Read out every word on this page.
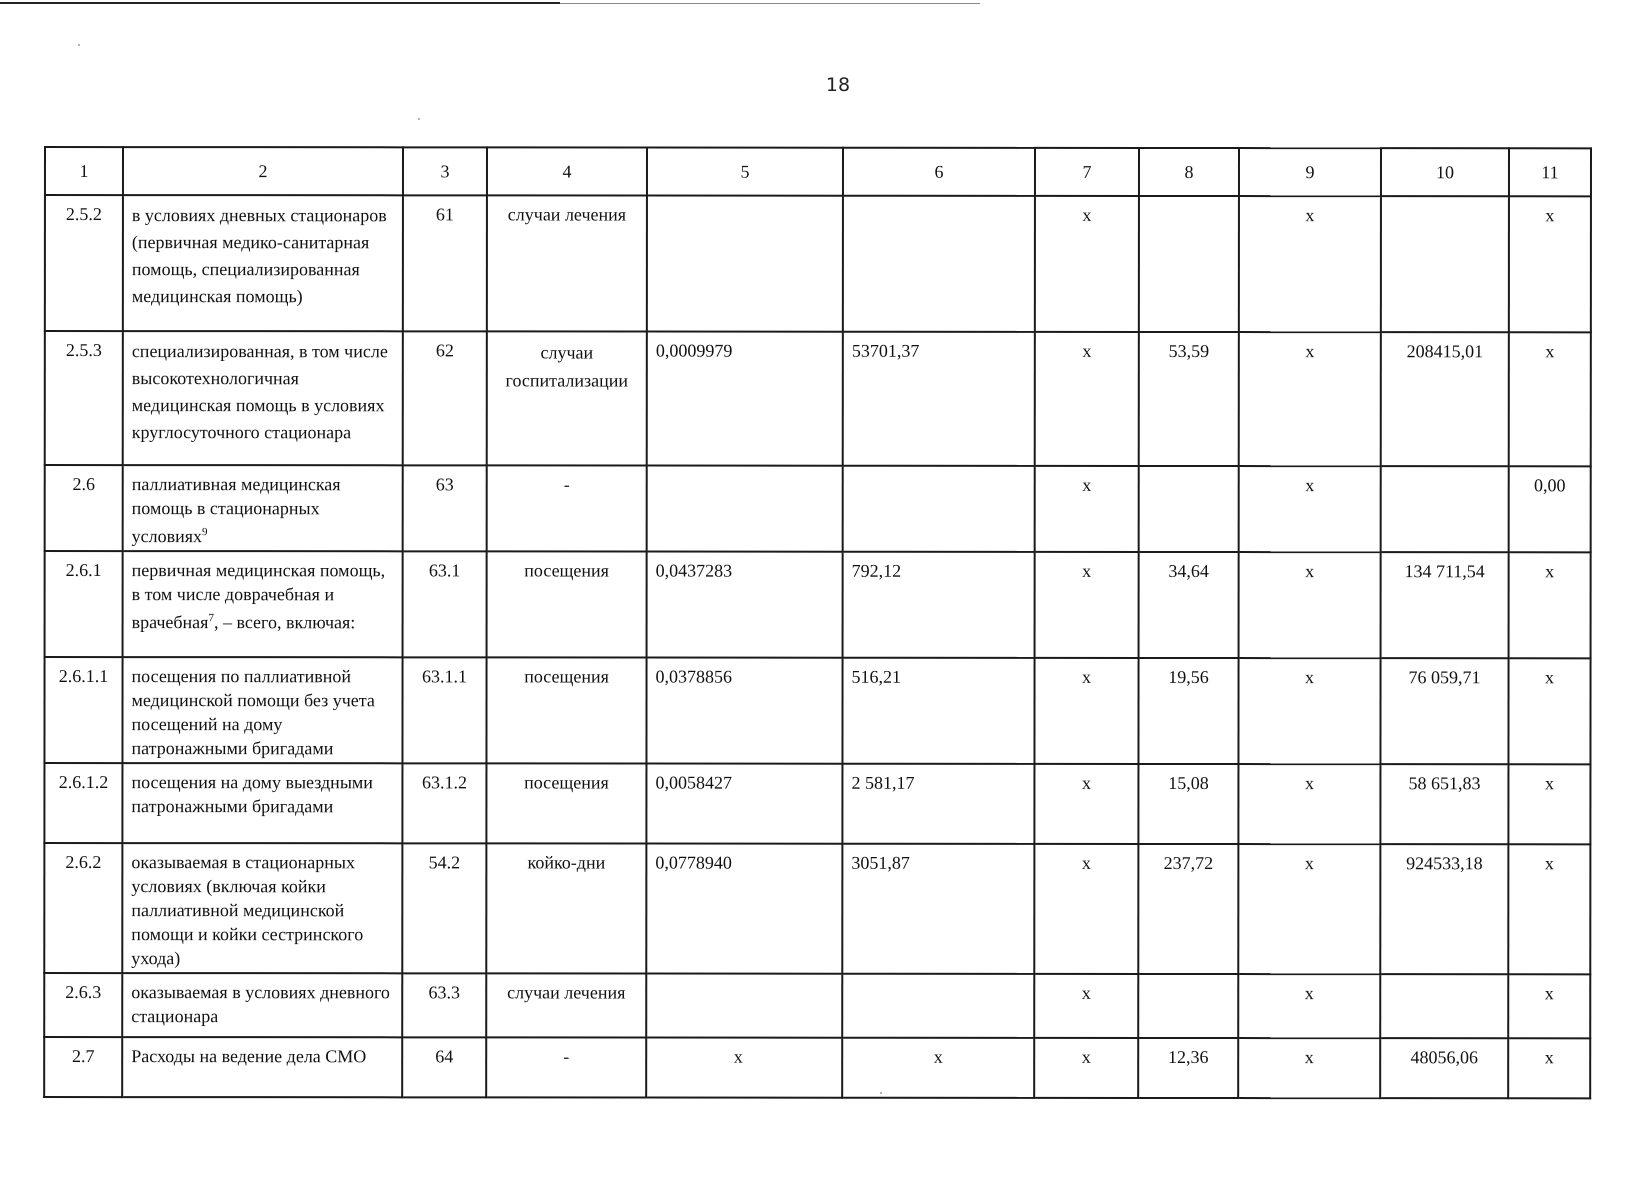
18
1	2	3	4	5	6	7	8	9	10	11
2.5.2	в условиях дневных стационаров (первичная медико-санитарная помощь, специализированная медицинская помощь)	61	случаи лечения			х		х		х
2.5.3	специализированная, в том числе высокотехнологичная медицинская помощь в условиях круглосуточного стационара	62	случаи госпитализации	0,0009979	53701,37	х	53,59	х	208415,01	х
2.6	паллиативная медицинская помощь в стационарных условиях$^9$	63	-			х		х		0,00
2.6.1	первичная медицинская помощь, в том числе доврачебная и врачебная$^7$, – всего, включая:	63.1	посещения	0,0437283	792,12	х	34,64	х	134 711,54	х
2.6.1.1	посещения по паллиативной медицинской помощи без учета посещений на дому патронажными бригадами	63.1.1	посещения	0,0378856	516,21	х	19,56	х	76 059,71	х
2.6.1.2	посещения на дому выездными патронажными бригадами	63.1.2	посещения	0,0058427	2 581,17	х	15,08	х	58 651,83	х
2.6.2	оказываемая в стационарных условиях (включая койки паллиативной медицинской помощи и койки сестринского ухода)	54.2	койко-дни	0,0778940	3051,87	х	237,72	х	924533,18	х
2.6.3	оказываемая в условиях дневного стационара	63.3	случаи лечения			х		х		х
2.7	Расходы на ведение дела СМО	64	-	х	х	х	12,36	х	48056,06	х
